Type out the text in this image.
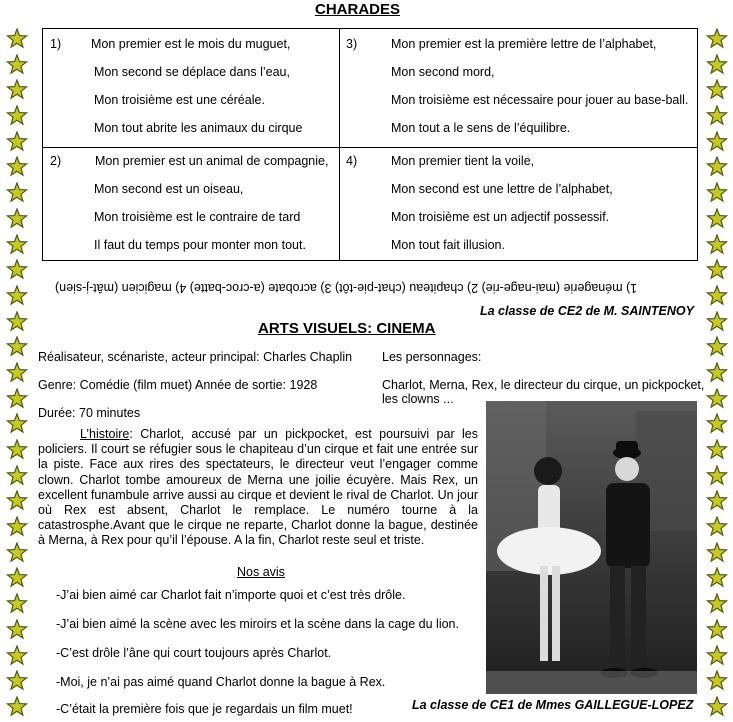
CHARADES
1) Mon premier est le mois du muguet,
Mon second se déplace dans l’eau,
Mon troisième est une céréale.
Mon tout abrite les animaux du cirque
3)	Mon premier est la première lettre de l’alphabet,
Mon second mord,
Mon troisième est nécessaire pour jouer au base-ball.
Mon tout a le sens de l’équilibre.
2)	Mon premier est un animal de compagnie,
Mon second est un oiseau,
Mon troisième est le contraire de tard
Il faut du temps pour monter mon tout.
4)	Mon premier tient la voile,
Mon second est une lettre de l’alphabet,
Mon troisième est un adjectif possessif.
Mon tout fait illusion.
1) ménagerie (mai-nage-rie) 2) chapiteau (chat-pie-tôt) 3) acrobate (a-croc-batte) 4) magicien (mât-j-sien)
La classe de CE2 de M. SAINTENOY
ARTS VISUELS: CINEMA
Réalisateur, scénariste, acteur principal: Charles Chaplin
Genre: Comédie (film muet) Année de sortie: 1928
Durée: 70 minutes
Les personnages:
Charlot, Merna, Rex, le directeur du cirque, un pickpocket,
les clowns ...
L’histoire: Charlot, accusé par un pickpocket, est poursuivi par les policiers. Il court se réfugier sous le chapiteau d’un cirque et fait une entrée sur la piste. Face aux rires des spectateurs, le directeur veut l’engager comme clown. Charlot tombe amoureux de Merna une joilie écuyère. Mais Rex, un excellent funambule arrive aussi au cirque et devient le rival de Charlot. Un jour où Rex est absent, Charlot le remplace. Le numéro tourne à la catastrosphe.Avant que le cirque ne reparte, Charlot donne la bague, destinée à Merna, à Rex pour qu’il l’épouse. A la fin, Charlot reste seul et triste.
Nos avis
-J’ai bien aimé car Charlot fait n’importe quoi et c’est très drôle.
-J’ai bien aimé la scène avec les miroirs et la scène dans la cage du lion.
-C’est drôle l’âne qui court toujours après Charlot.
-Moi, je n’ai pas aimé quand Charlot donne la bague à Rex.
-C’était la première fois que je regardais un film muet!	La classe de CE1 de Mmes GAILLEGUE-LOPEZ
